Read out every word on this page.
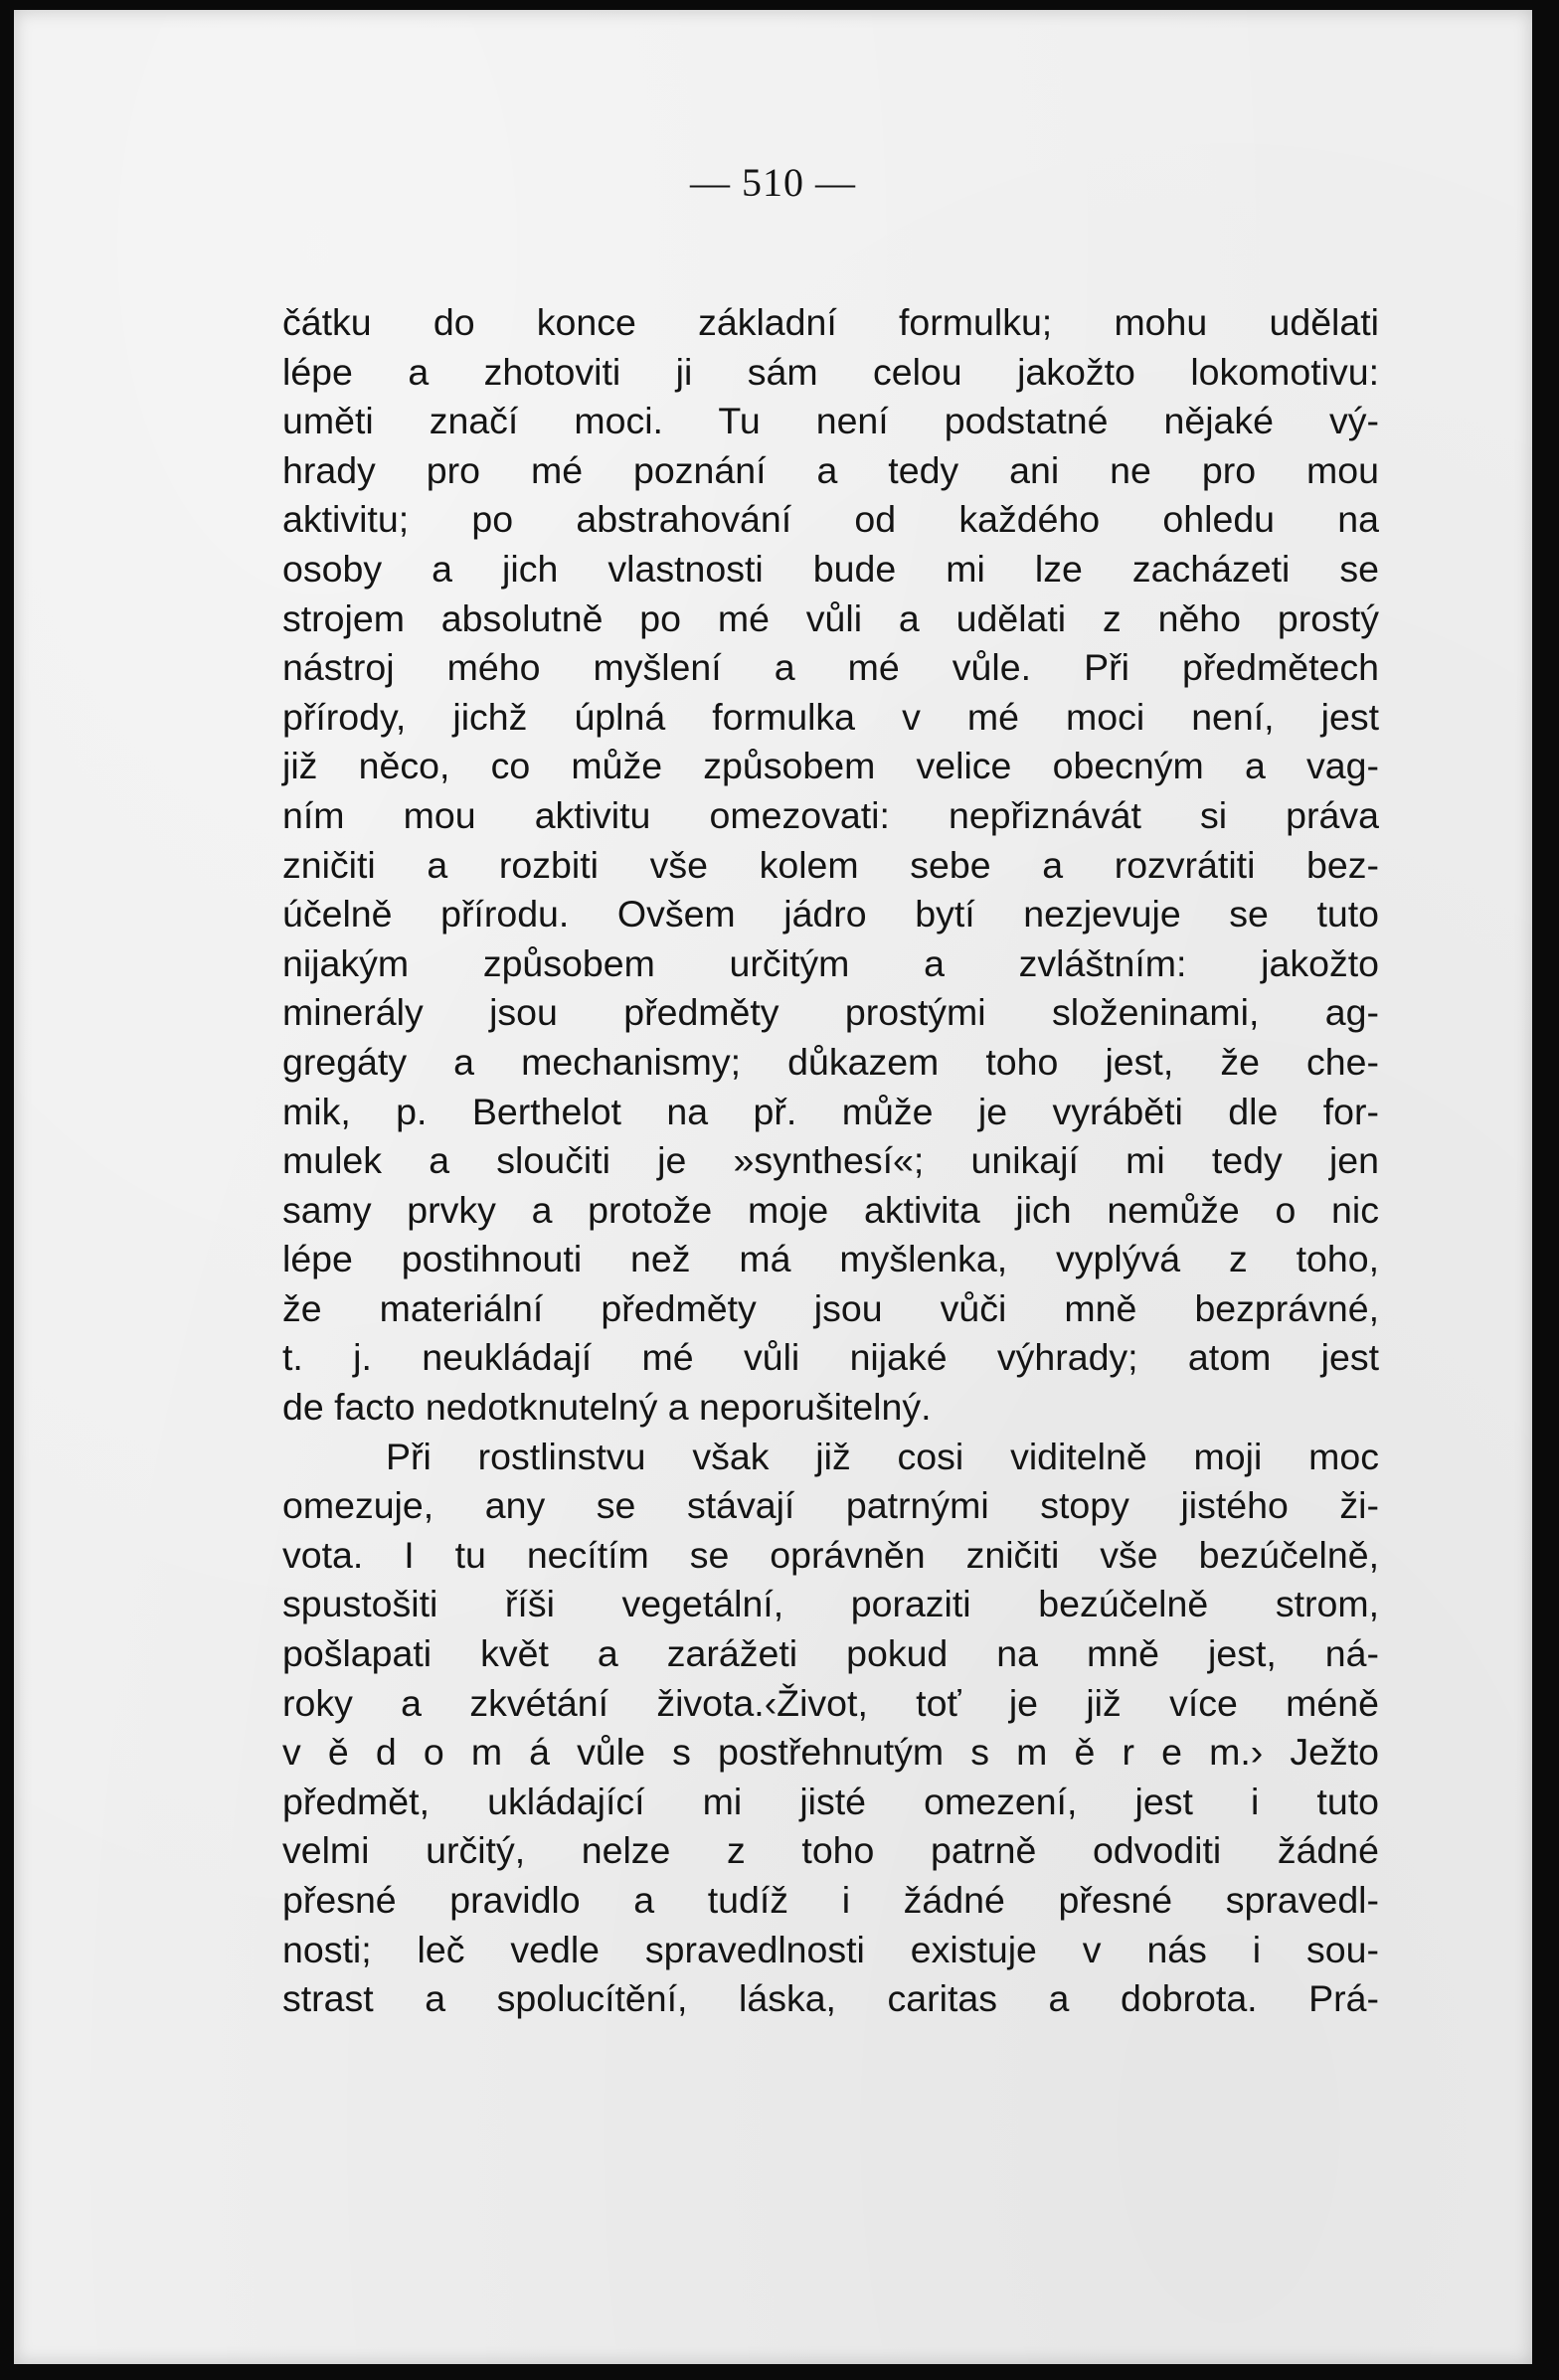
— 510 —
čátku do konce základní formulku; mohu udělati
lépe a zhotoviti ji sám celou jakožto lokomotivu:
uměti značí moci. Tu není podstatné nějaké vý-
hrady pro mé poznání a tedy ani ne pro mou
aktivitu; po abstrahování od každého ohledu na
osoby a jich vlastnosti bude mi lze zacházeti se
strojem absolutně po mé vůli a udělati z něho prostý
nástroj mého myšlení a mé vůle. Při předmětech
přírody, jichž úplná formulka v mé moci není, jest
již něco, co může způsobem velice obecným a vag-
ním mou aktivitu omezovati: nepřiznávát si práva
zničiti a rozbiti vše kolem sebe a rozvrátiti bez-
účelně přírodu. Ovšem jádro bytí nezjevuje se tuto
nijakým způsobem určitým a zvláštním: jakožto
minerály jsou předměty prostými složeninami, ag-
gregáty a mechanismy; důkazem toho jest, že che-
mik, p. Berthelot na př. může je vyráběti dle for-
mulek a sloučiti je »synthesí«; unikají mi tedy jen
samy prvky a protože moje aktivita jich nemůže o nic
lépe postihnouti než má myšlenka, vyplývá z toho,
že materiální předměty jsou vůči mně bezprávné,
t. j. neukládají mé vůli nijaké výhrady; atom jest
de facto nedotknutelný a neporušitelný.
Při rostlinstvu však již cosi viditelně moji moc
omezuje, any se stávají patrnými stopy jistého ži-
vota. I tu necítím se oprávněn zničiti vše bezúčelně,
spustošiti říši vegetální, poraziti bezúčelně strom,
pošlapati květ a zarážeti pokud na mně jest, ná-
roky a zkvétání života.‹Život, toť je již více méně
v ě d o m á vůle s postřehnutým s m ě r e m.› Ježto
předmět, ukládající mi jisté omezení, jest i tuto
velmi určitý, nelze z toho patrně odvoditi žádné
přesné pravidlo a tudíž i žádné přesné spravedl-
nosti; leč vedle spravedlnosti existuje v nás i sou-
strast a spolucítění, láska, caritas a dobrota. Prá-
